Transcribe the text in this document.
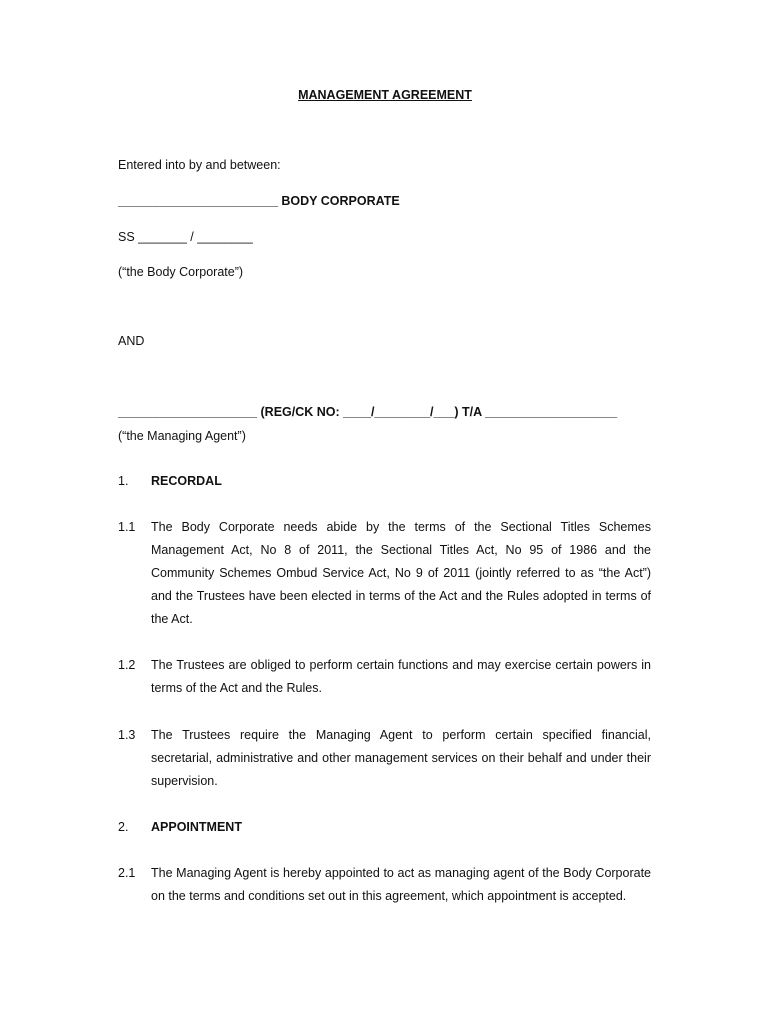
MANAGEMENT AGREEMENT
Entered into by and between:
_______________________ BODY CORPORATE
SS _______ / ________
(“the Body Corporate”)
AND
____________________ (REG/CK NO: ____/________/___) T/A ___________________
(“the Managing Agent”)
1. RECORDAL
1.1 The Body Corporate needs abide by the terms of the Sectional Titles Schemes Management Act, No 8 of 2011, the Sectional Titles Act, No 95 of 1986 and the Community Schemes Ombud Service Act, No 9 of 2011 (jointly referred to as “the Act”) and the Trustees have been elected in terms of the Act and the Rules adopted in terms of the Act.
1.2 The Trustees are obliged to perform certain functions and may exercise certain powers in terms of the Act and the Rules.
1.3 The Trustees require the Managing Agent to perform certain specified financial, secretarial, administrative and other management services on their behalf and under their supervision.
2. APPOINTMENT
2.1 The Managing Agent is hereby appointed to act as managing agent of the Body Corporate on the terms and conditions set out in this agreement, which appointment is accepted.
